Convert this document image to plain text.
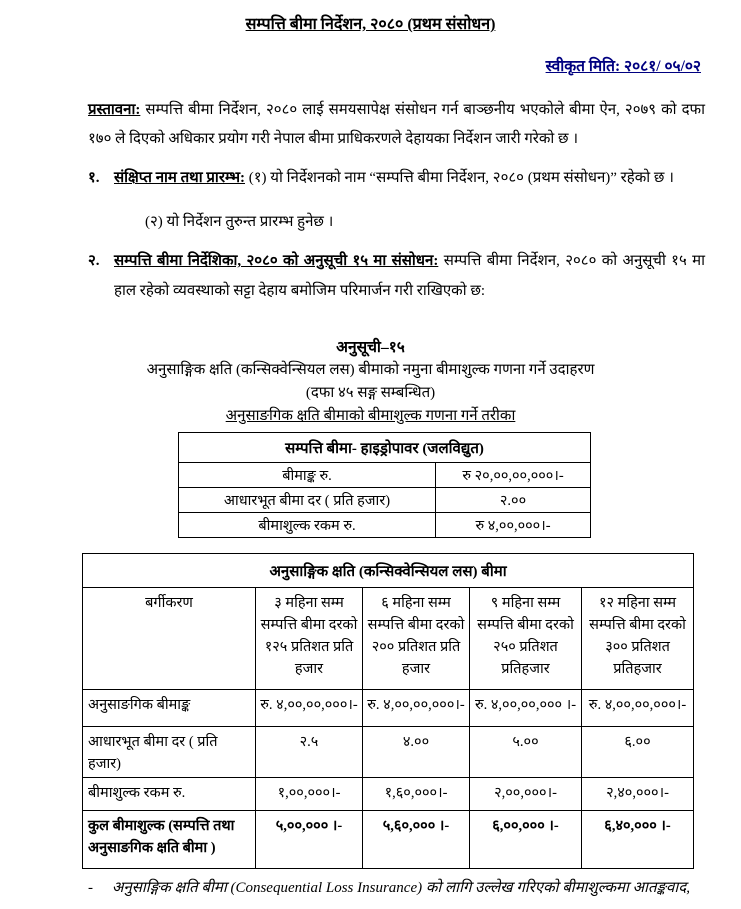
सम्पत्ति बीमा निर्देशन, २०८० (प्रथम संसोधन)
स्वीकृत मिति: २०८१/ ०५/०२

प्रस्तावना: सम्पत्ति बीमा निर्देशन, २०८० लाई समयसापेक्ष संसोधन गर्न बाञ्छनीय भएकोले बीमा ऐन, २०७९ को दफा १७० ले दिएको अधिकार प्रयोग गरी नेपाल बीमा प्राधिकरणले देहायका निर्देशन जारी गरेको छ ।

१. संक्षिप्त नाम तथा प्रारम्भ: (१) यो निर्देशनको नाम “सम्पत्ति बीमा निर्देशन, २०८० (प्रथम संसोधन)” रहेको छ ।

(२) यो निर्देशन तुरुन्त प्रारम्भ हुनेछ ।

२. सम्पत्ति बीमा निर्देशिका, २०८० को अनुसूची १५ मा संसोधन: सम्पत्ति बीमा निर्देशन, २०८० को अनुसूची १५ मा हाल रहेको व्यवस्थाको सट्टा देहाय बमोजिम परिमार्जन गरी राखिएको छ:
अनुसूची–१५
अनुसाङ्गिक क्षति (कन्सिक्वेन्सियल लस) बीमाको नमुना बीमाशुल्क गणना गर्ने उदाहरण
(दफा ४५ सङ्ग सम्बन्धित)
अनुसाङगिक क्षति बीमाको बीमाशुल्क गणना गर्ने तरीका
सम्पत्ति बीमा- हाइड्रोपावर (जलविद्युत)	
बीमाङ्क रु.	रु २०,००,००,०००।-
आधारभूत बीमा दर ( प्रति हजार)	२.००
बीमाशुल्क रकम रु.	रु ४,००,०००।-
अनुसाङ्गिक क्षति (कन्सिक्वेन्सियल लस) बीमा				
बर्गीकरण	३ महिना सम्म सम्पत्ति बीमा दरको १२५ प्रतिशत प्रति हजार	६ महिना सम्म सम्पत्ति बीमा दरको २०० प्रतिशत प्रति हजार	९ महिना सम्म सम्पत्ति बीमा दरको २५० प्रतिशत प्रतिहजार	१२ महिना सम्म सम्पत्ति बीमा दरको ३०० प्रतिशत प्रतिहजार
अनुसाङगिक बीमाङ्क	रु. ४,००,००,०००।-	रु. ४,००,००,०००।-	रु. ४,००,००,००० ।-	रु. ४,००,००,०००।-
आधारभूत बीमा दर ( प्रति हजार)	२.५	४.००	५.००	६.००
बीमाशुल्क रकम रु.	१,००,०००।-	१,६०,०००।-	२,००,०००।-	२,४०,०००।-
कुल बीमाशुल्क (सम्पत्ति तथा अनुसाङगिक क्षति बीमा )	५,००,००० ।-	५,६०,००० ।-	६,००,००० ।-	६,४०,००० ।-

-	अनुसाङ्गिक क्षति बीमा (Consequential Loss Insurance) को लागि उल्लेख गरिएको बीमाशुल्कमा आतङ्कवाद,
